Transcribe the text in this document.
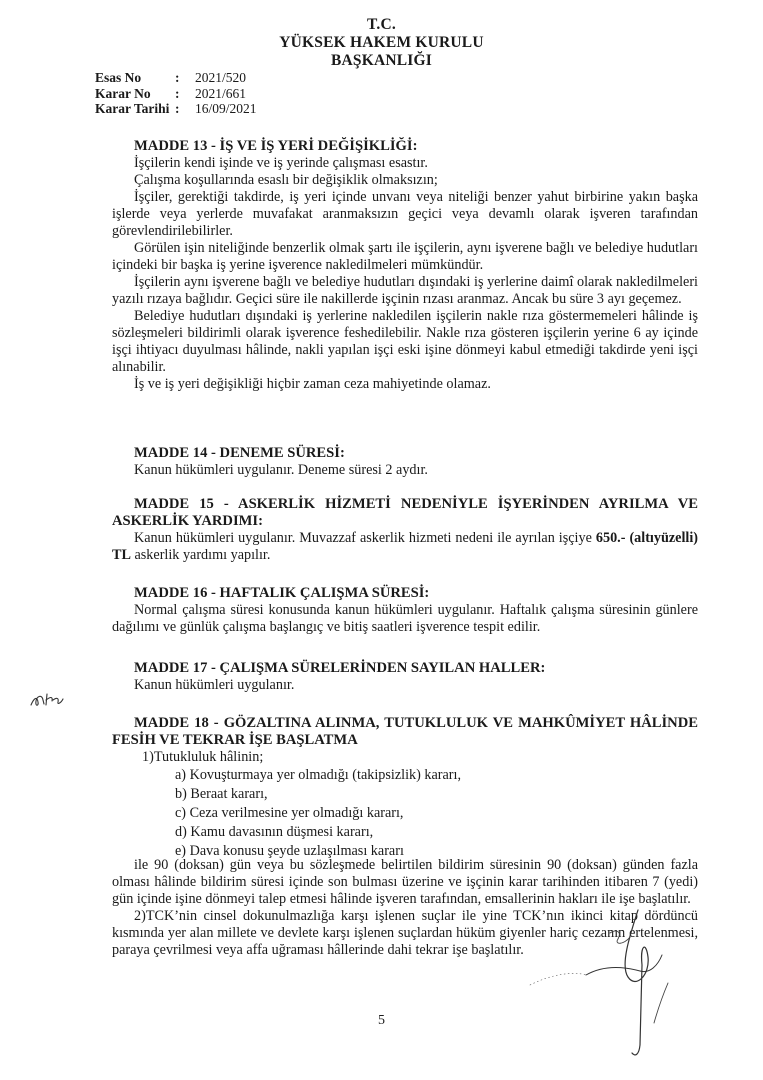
T.C.
YÜKSEK HAKEM KURULU
BAŞKANLIĞI
Esas No	:	2021/520
Karar No	:	2021/661
Karar Tarihi :	16/09/2021

MADDE 13 - İŞ VE İŞ YERİ DEĞİŞİKLİĞİ:

İşçilerin kendi işinde ve iş yerinde çalışması esastır.

Çalışma koşullarında esaslı bir değişiklik olmaksızın;

İşçiler, gerektiği takdirde, iş yeri içinde unvanı veya niteliği benzer yahut birbirine yakın başka işlerde veya yerlerde muvafakat aranmaksızın geçici veya devamlı olarak işveren tarafından görevlendirilebilirler.

Görülen işin niteliğinde benzerlik olmak şartı ile işçilerin, aynı işverene bağlı ve belediye hudutları içindeki bir başka iş yerine işverence nakledilmeleri mümkündür.

İşçilerin aynı işverene bağlı ve belediye hudutları dışındaki iş yerlerine daimî olarak nakledilmeleri yazılı rızaya bağlıdır. Geçici süre ile nakillerde işçinin rızası aranmaz. Ancak bu süre 3 ayı geçemez.

Belediye hudutları dışındaki iş yerlerine nakledilen işçilerin nakle rıza göstermemeleri hâlinde iş sözleşmeleri bildirimli olarak işverence feshedilebilir. Nakle rıza gösteren işçilerin yerine 6 ay içinde işçi ihtiyacı duyulması hâlinde, nakli yapılan işçi eski işine dönmeyi kabul etmediği takdirde yeni işçi alınabilir.

İş ve iş yeri değişikliği hiçbir zaman ceza mahiyetinde olamaz.

MADDE 14 - DENEME SÜRESİ:

Kanun hükümleri uygulanır. Deneme süresi 2 aydır.

MADDE 15 - ASKERLİK HİZMETİ NEDENİYLE İŞYERİNDEN AYRILMA VE ASKERLİK YARDIMI:

Kanun hükümleri uygulanır. Muvazzaf askerlik hizmeti nedeni ile ayrılan işçiye 650.- (altıyüzelli) TL askerlik yardımı yapılır.

MADDE 16 - HAFTALIK ÇALIŞMA SÜRESİ:

Normal çalışma süresi konusunda kanun hükümleri uygulanır. Haftalık çalışma süresinin günlere dağılımı ve günlük çalışma başlangıç ve bitiş saatleri işverence tespit edilir.

MADDE 17 - ÇALIŞMA SÜRELERİNDEN SAYILAN HALLER:

Kanun hükümleri uygulanır.

MADDE 18 - GÖZALTINA ALINMA, TUTUKLULUK VE MAHKÛMİYET HÂLİNDE FESİH VE TEKRAR İŞE BAŞLATMA

1)Tutukluluk hâlinin;

a) Kovuşturmaya yer olmadığı (takipsizlik) kararı,
b) Beraat kararı,
c) Ceza verilmesine yer olmadığı kararı,
d) Kamu davasının düşmesi kararı,
e) Dava konusu şeyde uzlaşılması kararı

ile 90 (doksan) gün veya bu sözleşmede belirtilen bildirim süresinin 90 (doksan) günden fazla olması hâlinde bildirim süresi içinde son bulması üzerine ve işçinin karar tarihinden itibaren 7 (yedi) gün içinde işine dönmeyi talep etmesi hâlinde işveren tarafından, emsallerinin hakları ile işe başlatılır.

2)TCK’nin cinsel dokunulmazlığa karşı işlenen suçlar ile yine TCK’nın ikinci kitap dördüncü kısmında yer alan millete ve devlete karşı işlenen suçlardan hüküm giyenler hariç cezanın ertelenmesi, paraya çevrilmesi veya affa uğraması hâllerinde dahi tekrar işe başlatılır.

5
